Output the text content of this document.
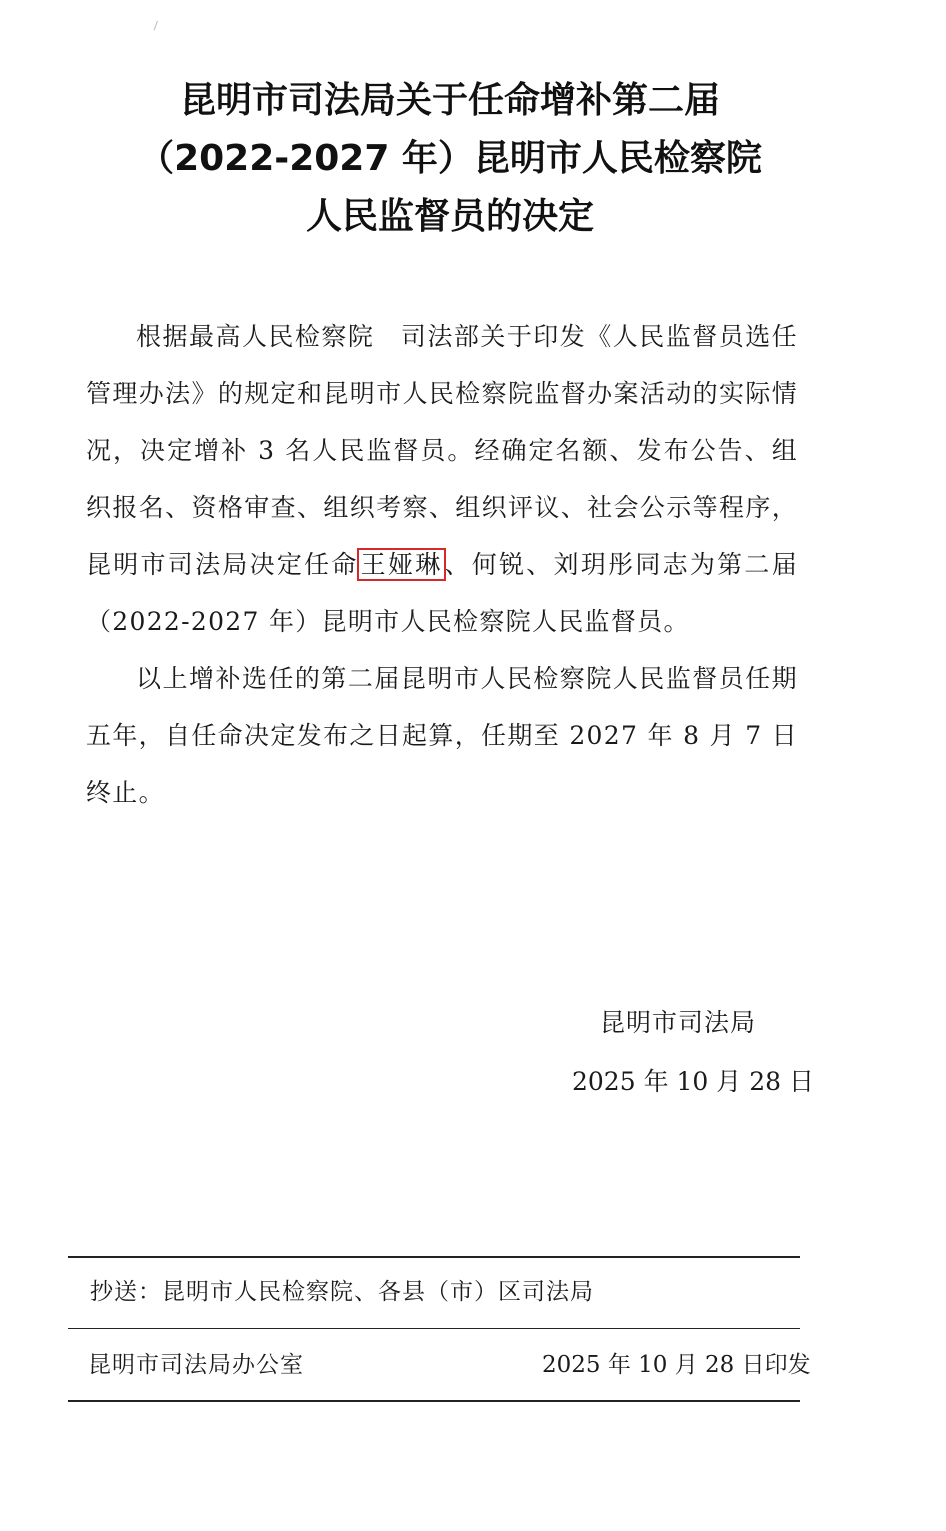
昆明市司法局关于任命增补第二届
（2022-2027 年）昆明市人民检察院
人民监督员的决定

根据最高人民检察院　司法部关于印发《人民监督员选任管理办法》的规定和昆明市人民检察院监督办案活动的实际情况，决定增补 3 名人民监督员。经确定名额、发布公告、组织报名、资格审查、组织考察、组织评议、社会公示等程序，昆明市司法局决定任命王娅琳、何锐、刘玥彤同志为第二届（2022-2027 年）昆明市人民检察院人民监督员。

以上增补选任的第二届昆明市人民检察院人民监督员任期五年，自任命决定发布之日起算，任期至 2027 年 8 月 7 日终止。

昆明市司法局
2025 年 10 月 28 日
抄送：昆明市人民检察院、各县（市）区司法局
昆明市司法局办公室	2025 年 10 月 28 日印发
